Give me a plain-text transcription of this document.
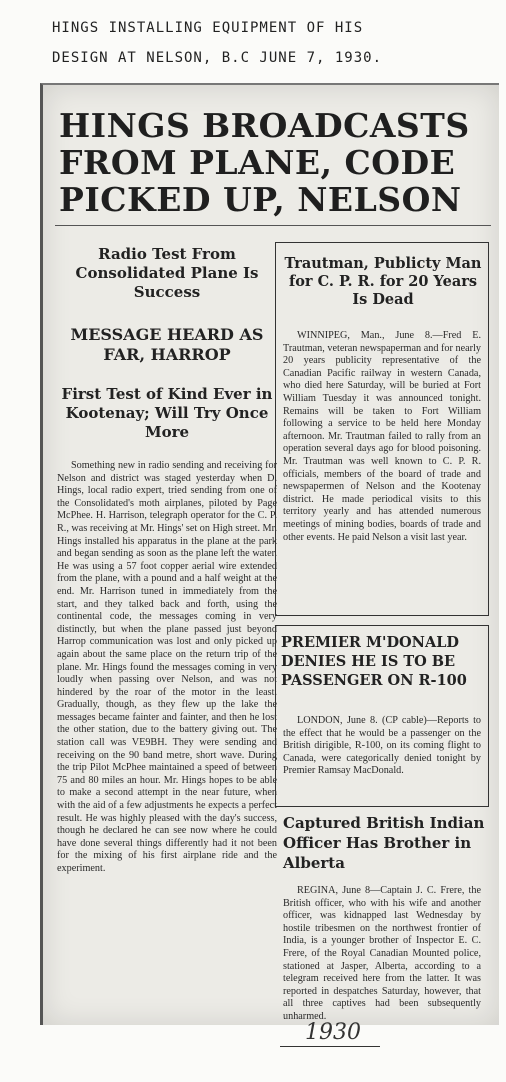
HINGS INSTALLING EQUIPMENT OF HIS
DESIGN AT NELSON, B.C JUNE 7, 1930.
HINGS BROADCASTS FROM PLANE, CODE PICKED UP, NELSON
Radio Test From Consolidated Plane Is Success
MESSAGE HEARD AS FAR, HARROP
First Test of Kind Ever in Kootenay; Will Try Once More

Something new in radio sending and receiving for Nelson and district was staged yesterday when D. Hings, local radio expert, tried sending from one of the Consolidated's moth airplanes, piloted by Page McPhee. H. Harrison, telegraph operator for the C. P. R., was receiving at Mr. Hings' set on High street. Mr. Hings installed his apparatus in the plane at the park and began sending as soon as the plane left the water. He was using a 57 foot copper aerial wire extended from the plane, with a pound and a half weight at the end. Mr. Harrison tuned in immediately from the start, and they talked back and forth, using the continental code, the messages coming in very distinctly, but when the plane passed just beyond Harrop communication was lost and only picked up again about the same place on the return trip of the plane. Mr. Hings found the messages coming in very loudly when passing over Nelson, and was not hindered by the roar of the motor in the least. Gradually, though, as they flew up the lake the messages became fainter and fainter, and then he lost the other station, due to the battery giving out. The station call was VE9BH. They were sending and receiving on the 90 band metre, short wave. During the trip Pilot McPhee maintained a speed of between 75 and 80 miles an hour. Mr. Hings hopes to be able to make a second attempt in the near future, when with the aid of a few adjustments he expects a perfect result. He was highly pleased with the day's success, though he declared he can see now where he could have done several things differently had it not been for the mixing of his first airplane ride and the experiment.

Trautman, Publicty Man for C. P. R. for 20 Years Is Dead

WINNIPEG, Man., June 8.—Fred E. Trautman, veteran newspaperman and for nearly 20 years publicity representative of the Canadian Pacific railway in western Canada, who died here Saturday, will be buried at Fort William Tuesday it was announced tonight. Remains will be taken to Fort William following a service to be held here Monday afternoon. Mr. Trautman failed to rally from an operation several days ago for blood poisoning. Mr. Trautman was well known to C. P. R. officials, members of the board of trade and newspapermen of Nelson and the Kootenay district. He made periodical visits to this territory yearly and has attended numerous meetings of mining bodies, boards of trade and other events. He paid Nelson a visit last year.

PREMIER M'DONALD DENIES HE IS TO BE PASSENGER ON R-100

LONDON, June 8. (CP cable)—Reports to the effect that he would be a passenger on the British dirigible, R-100, on its coming flight to Canada, were categorically denied tonight by Premier Ramsay MacDonald.

Captured British Indian Officer Has Brother in Alberta

REGINA, June 8—Captain J. C. Frere, the British officer, who with his wife and another officer, was kidnapped last Wednesday by hostile tribesmen on the northwest frontier of India, is a younger brother of Inspector E. C. Frere, of the Royal Canadian Mounted police, stationed at Jasper, Alberta, according to a telegram received here from the latter. It was reported in despatches Saturday, however, that all three captives had been subsequently unharmed.

1930
